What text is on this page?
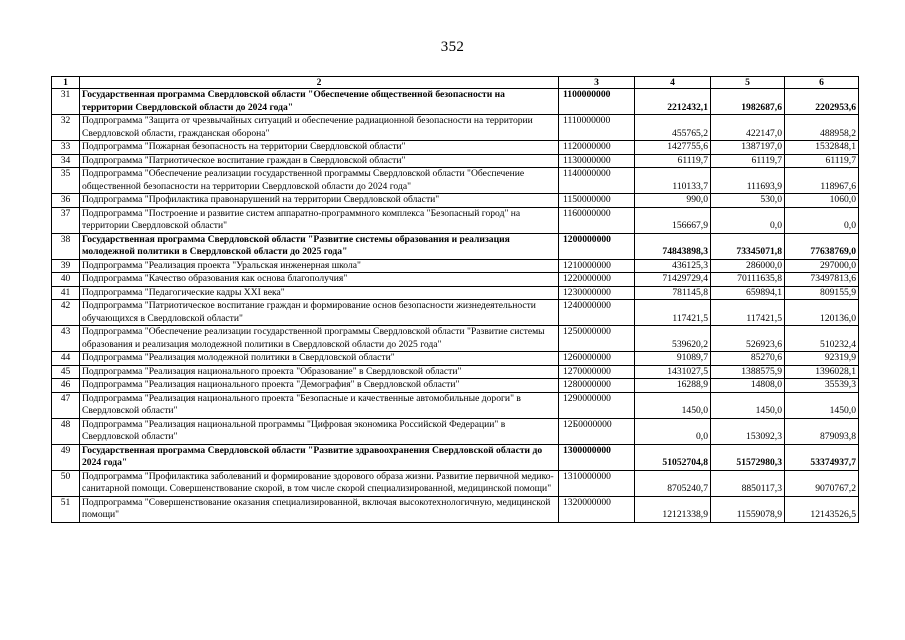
352
1	2	3	4	5	6
31	Государственная программа Свердловской области "Обеспечение общественной безопасности на территории Свердловской области до 2024 года"	1100000000	2212432,1	1982687,6	2202953,6
32	Подпрограмма "Защита от чрезвычайных ситуаций и обеспечение радиационной безопасности на территории Свердловской области, гражданская оборона"	1110000000	455765,2	422147,0	488958,2
33	Подпрограмма "Пожарная безопасность на территории Свердловской области"	1120000000	1427755,6	1387197,0	1532848,1
34	Подпрограмма "Патриотическое воспитание граждан в Свердловской области"	1130000000	61119,7	61119,7	61119,7
35	Подпрограмма "Обеспечение реализации государственной программы Свердловской области "Обеспечение общественной безопасности на территории Свердловской области до 2024 года"	1140000000	110133,7	111693,9	118967,6
36	Подпрограмма "Профилактика правонарушений на территории Свердловской области"	1150000000	990,0	530,0	1060,0
37	Подпрограмма "Построение и развитие систем аппаратно-программного комплекса "Безопасный город" на территории Свердловской области"	1160000000	156667,9	0,0	0,0
38	Государственная программа Свердловской области "Развитие системы образования и реализация молодежной политики в Свердловской области до 2025 года"	1200000000	74843898,3	73345071,8	77638769,0
39	Подпрограмма "Реализация проекта "Уральская инженерная школа"	1210000000	436125,3	286000,0	297000,0
40	Подпрограмма "Качество образования как основа благополучия"	1220000000	71429729,4	70111635,8	73497813,6
41	Подпрограмма "Педагогические кадры XXI века"	1230000000	781145,8	659894,1	809155,9
42	Подпрограмма "Патриотическое воспитание граждан и формирование основ безопасности жизнедеятельности обучающихся в Свердловской области"	1240000000	117421,5	117421,5	120136,0
43	Подпрограмма "Обеспечение реализации государственной программы Свердловской области "Развитие системы образования и реализация молодежной политики в Свердловской области до 2025 года"	1250000000	539620,2	526923,6	510232,4
44	Подпрограмма "Реализация молодежной политики в Свердловской области"	1260000000	91089,7	85270,6	92319,9
45	Подпрограмма "Реализация национального проекта "Образование" в Свердловской области"	1270000000	1431027,5	1388575,9	1396028,1
46	Подпрограмма "Реализация национального проекта "Демография" в Свердловской области"	1280000000	16288,9	14808,0	35539,3
47	Подпрограмма "Реализация национального проекта "Безопасные и качественные автомобильные дороги" в Свердловской области"	1290000000	1450,0	1450,0	1450,0
48	Подпрограмма "Реализация национальной программы "Цифровая экономика Российской Федерации" в Свердловской области"	12Б0000000	0,0	153092,3	879093,8
49	Государственная программа Свердловской области "Развитие здравоохранения Свердловской области до 2024 года"	1300000000	51052704,8	51572980,3	53374937,7
50	Подпрограмма "Профилактика заболеваний и формирование здорового образа жизни. Развитие первичной медико-санитарной помощи. Совершенствование скорой, в том числе скорой специализированной, медицинской помощи"	1310000000	8705240,7	8850117,3	9070767,2
51	Подпрограмма "Совершенствование оказания специализированной, включая высокотехнологичную, медицинской помощи"	1320000000	12121338,9	11559078,9	12143526,5
